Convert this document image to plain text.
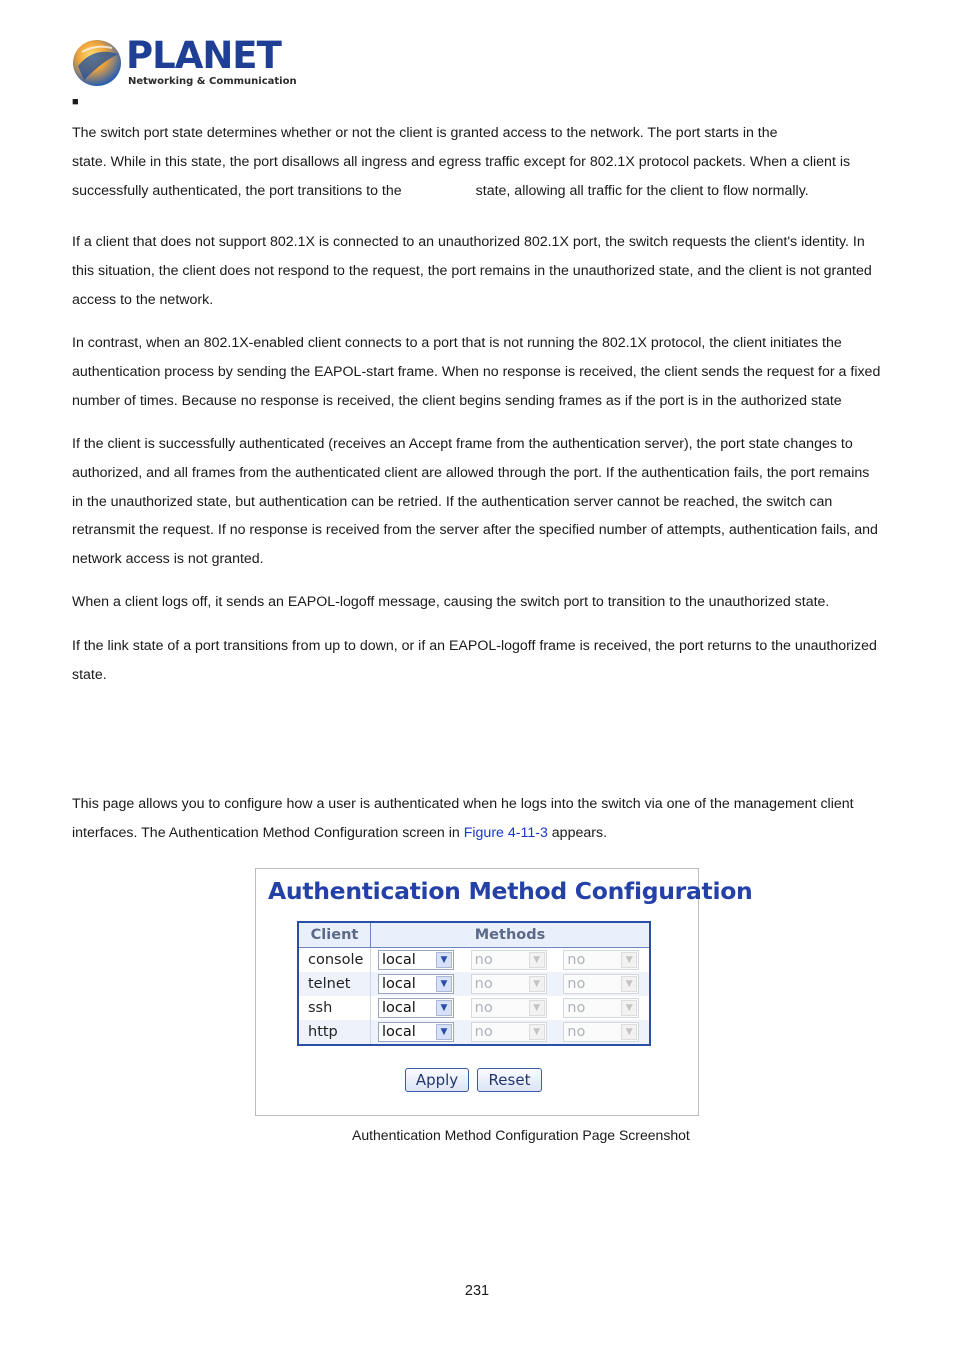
PLANET
Networking & Communication
■

The switch port state determines whether or not the client is granted access to the network. The port starts in the
state. While in this state, the port disallows all ingress and egress traffic except for 802.1X protocol packets. When a client is successfully authenticated, the port transitions to the	state, allowing all traffic for the client to flow normally.

If a client that does not support 802.1X is connected to an unauthorized 802.1X port, the switch requests the client's identity. In this situation, the client does not respond to the request, the port remains in the unauthorized state, and the client is not granted access to the network.

In contrast, when an 802.1X-enabled client connects to a port that is not running the 802.1X protocol, the client initiates the authentication process by sending the EAPOL-start frame. When no response is received, the client sends the request for a fixed number of times. Because no response is received, the client begins sending frames as if the port is in the authorized state

If the client is successfully authenticated (receives an Accept frame from the authentication server), the port state changes to authorized, and all frames from the authenticated client are allowed through the port. If the authentication fails, the port remains in the unauthorized state, but authentication can be retried. If the authentication server cannot be reached, the switch can retransmit the request. If no response is received from the server after the specified number of attempts, authentication fails, and network access is not granted.

When a client logs off, it sends an EAPOL-logoff message, causing the switch port to transition to the unauthorized state.

If the link state of a port transitions from up to down, or if an EAPOL-logoff frame is received, the port returns to the unauthorized state.

This page allows you to configure how a user is authenticated when he logs into the switch via one of the management client interfaces. The Authentication Method Configuration screen in Figure 4-11-3 appears.

Authentication Method Configuration
Client	Methods		
console	local ▼	no ▼	no ▼

telnet	local ▼	no ▼	no ▼

ssh	local ▼	no ▼	no ▼

http	local ▼	no ▼	no ▼
Apply	Reset
Authentication Method Configuration Page Screenshot
231
